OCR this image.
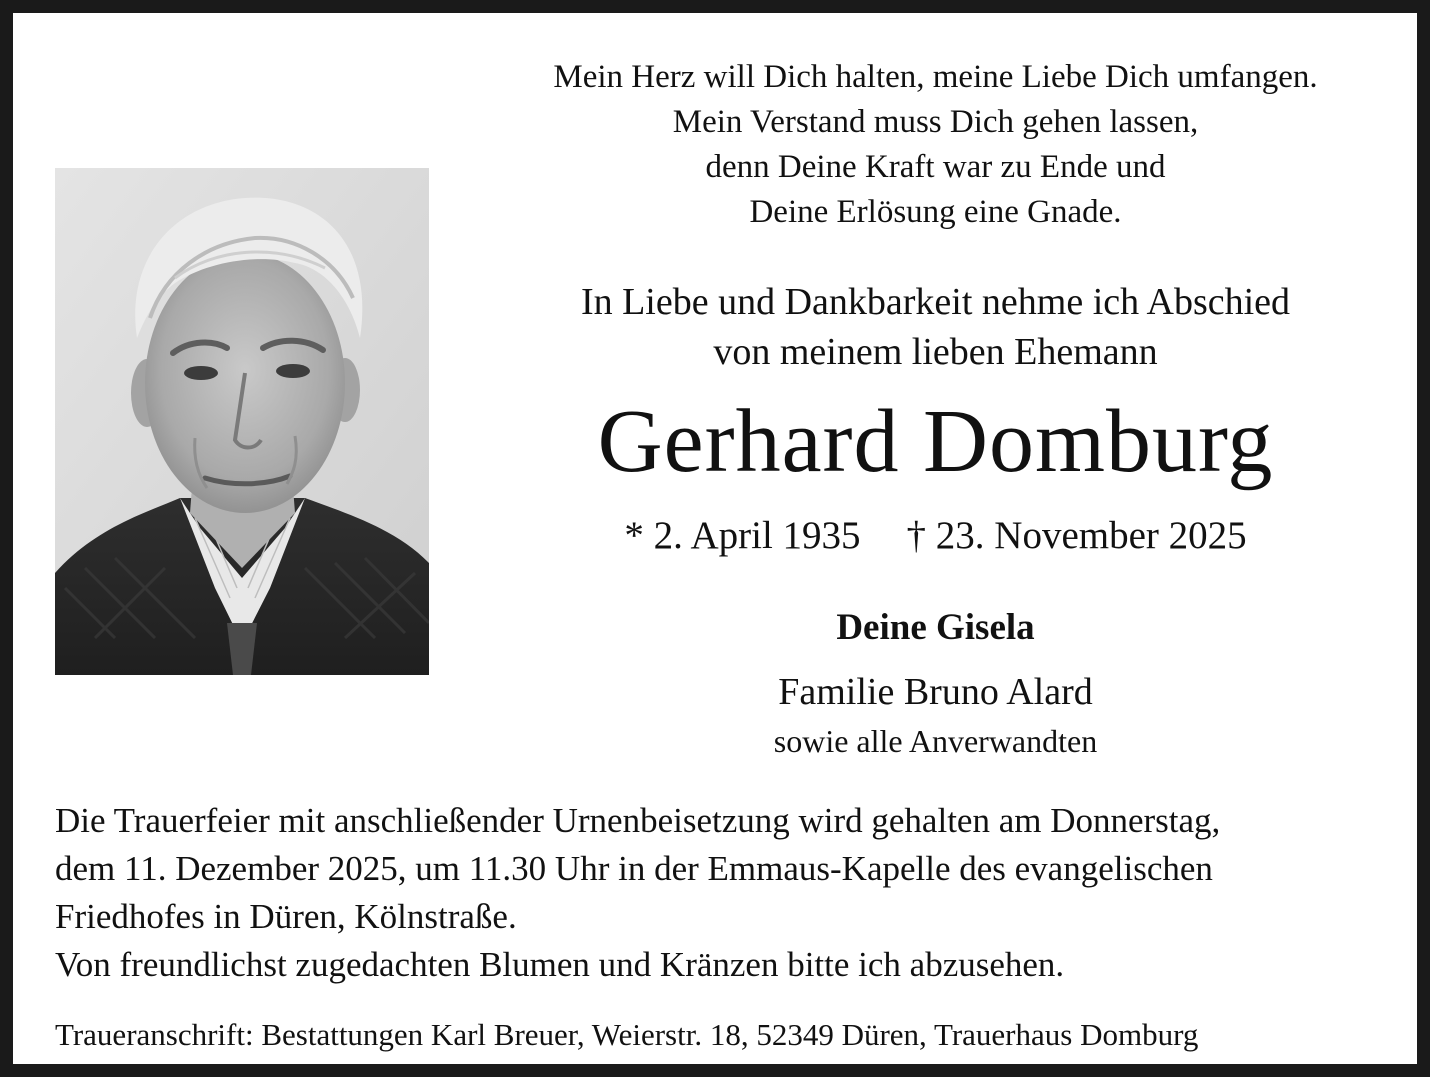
Mein Herz will Dich halten, meine Liebe Dich umfangen.
Mein Verstand muss Dich gehen lassen,
denn Deine Kraft war zu Ende und
Deine Erlösung eine Gnade.
In Liebe und Dankbarkeit nehme ich Abschied
von meinem lieben Ehemann
Gerhard Domburg
* 2. April 1935 † 23. November 2025
Deine Gisela
Familie Bruno Alard
sowie alle Anverwandten

Die Trauerfeier mit anschließender Urnenbeisetzung wird gehalten am Donnerstag,

dem 11. Dezember 2025, um 11.30 Uhr in der Emmaus-Kapelle des evangelischen

Friedhofes in Düren, Kölnstraße.

Von freundlichst zugedachten Blumen und Kränzen bitte ich abzusehen.

Traueranschrift: Bestattungen Karl Breuer, Weierstr. 18, 52349 Düren, Trauerhaus Domburg
